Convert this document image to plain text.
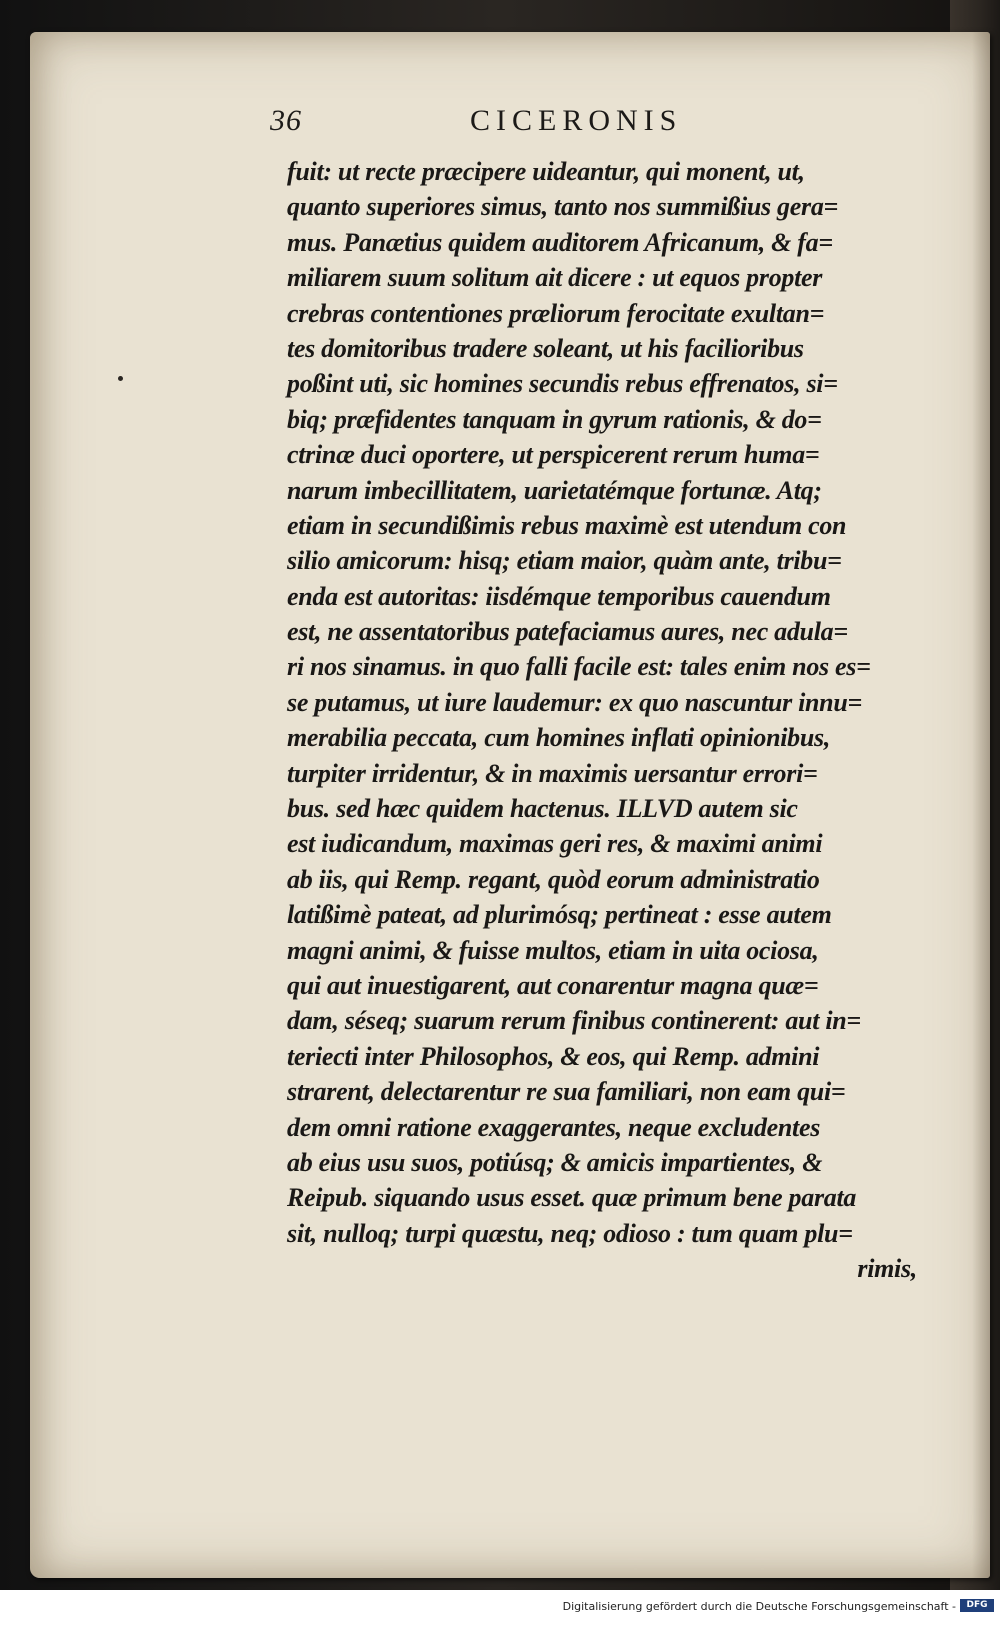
36	CICERONIS
fuit: ut recte præcipere uideantur, qui monent, ut,
quanto superiores simus, tanto nos summißius gera=
mus. Panætius quidem auditorem Africanum, & fa=
miliarem suum solitum ait dicere : ut equos propter
crebras contentiones præliorum ferocitate exultan=
tes domitoribus tradere soleant, ut his facilioribus
poßint uti, sic homines secundis rebus effrenatos, si=
biq; præfidentes tanquam in gyrum rationis, & do=
ctrinæ duci oportere, ut perspicerent rerum huma=
narum imbecillitatem, uarietatémque fortunæ. Atq;
etiam in secundißimis rebus maximè est utendum con
silio amicorum: hisq; etiam maior, quàm ante, tribu=
enda est autoritas: iisdémque temporibus cauendum
est, ne assentatoribus patefaciamus aures, nec adula=
ri nos sinamus. in quo falli facile est: tales enim nos es=
se putamus, ut iure laudemur: ex quo nascuntur innu=
merabilia peccata, cum homines inflati opinionibus,
turpiter irridentur, & in maximis uersantur errori=
bus. sed hæc quidem hactenus. ILLVD autem sic
est iudicandum, maximas geri res, & maximi animi
ab iis, qui Remp. regant, quòd eorum administratio
latißimè pateat, ad plurimósq; pertineat : esse autem
magni animi, & fuisse multos, etiam in uita ociosa,
qui aut inuestigarent, aut conarentur magna quæ=
dam, séseq; suarum rerum finibus continerent: aut in=
teriecti inter Philosophos, & eos, qui Remp. admini
strarent, delectarentur re sua familiari, non eam qui=
dem omni ratione exaggerantes, neque excludentes
ab eius usu suos, potiúsq; & amicis impartientes, &
Reipub. siquando usus esset. quæ primum bene parata
sit, nulloq; turpi quæstu, neq; odioso : tum quam plu=
rimis,
Digitalisierung gefördert durch die Deutsche Forschungsgemeinschaft -	DFG
